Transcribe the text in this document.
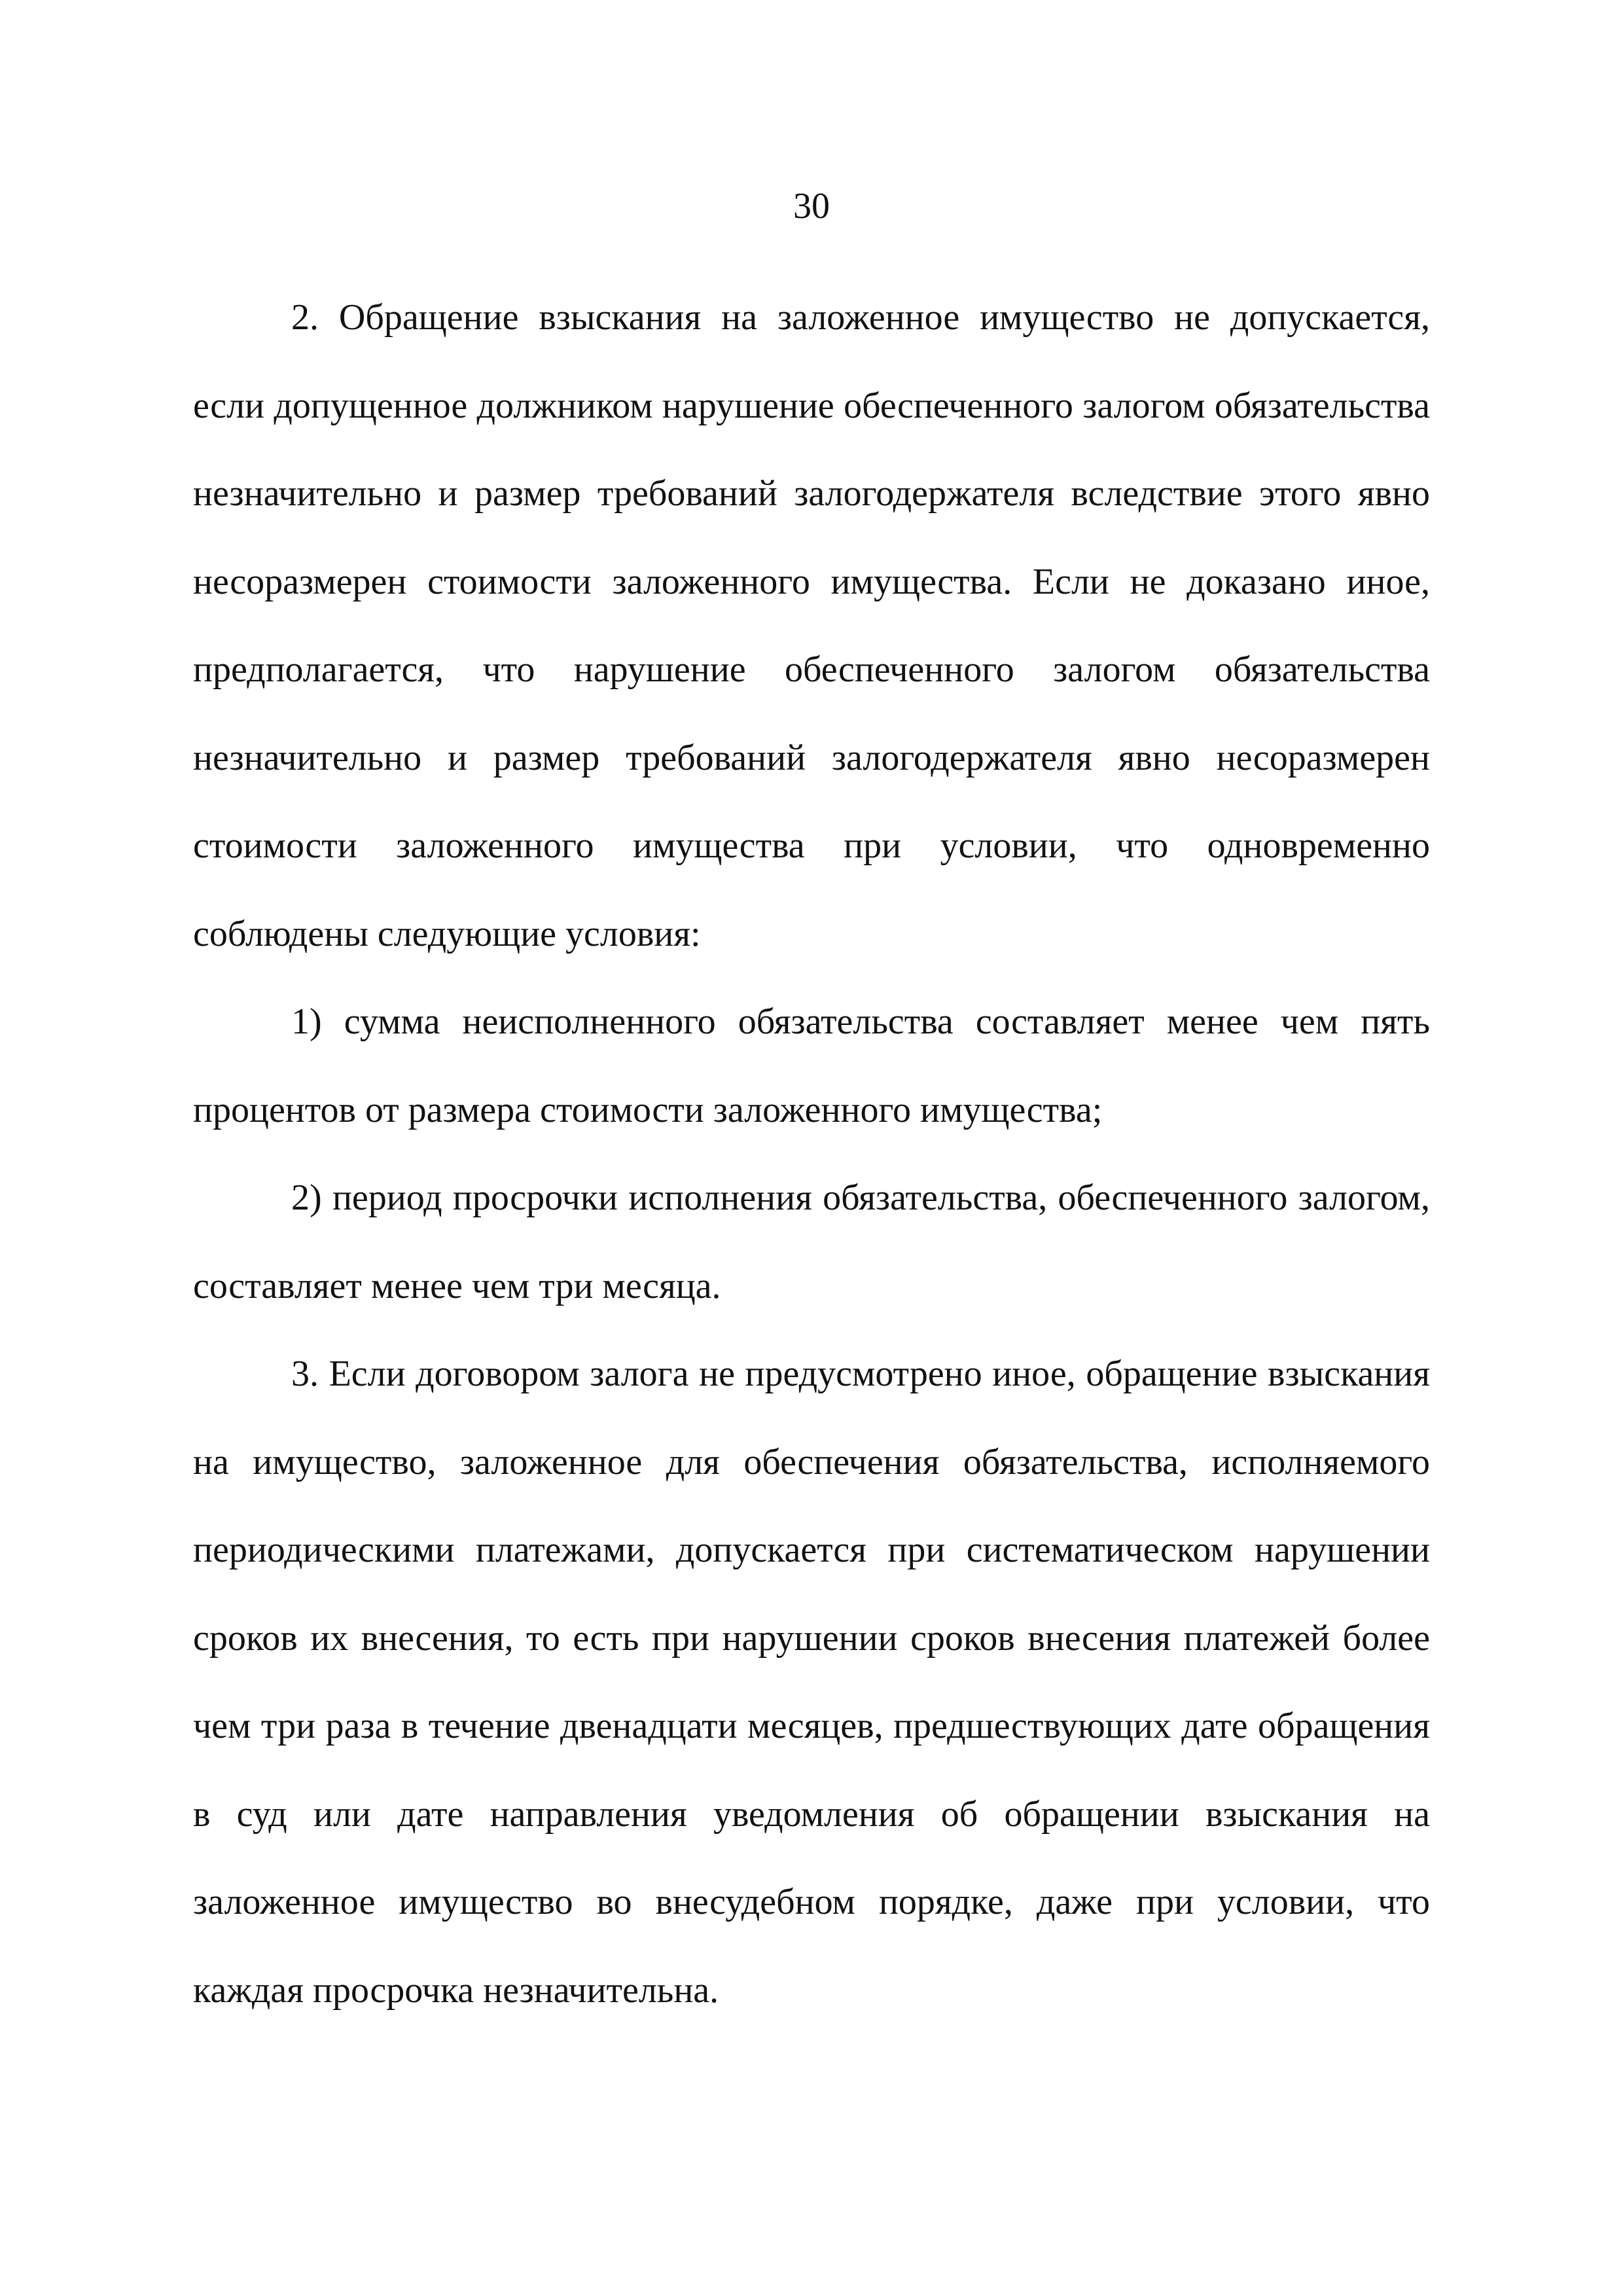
30

2. Обращение взыскания на заложенное имущество не допускается, если допущенное должником нарушение обеспеченного залогом обязательства незначительно и размер требований залогодержателя вследствие этого явно несоразмерен стоимости заложенного имущества. Если не доказано иное, предполагается, что нарушение обеспеченного залогом обязательства незначительно и размер требований залогодержателя явно несоразмерен стоимости заложенного имущества при условии, что одновременно соблюдены следующие условия:

1) сумма неисполненного обязательства составляет менее чем пять процентов от размера стоимости заложенного имущества;

2) период просрочки исполнения обязательства, обеспеченного залогом, составляет менее чем три месяца.

3. Если договором залога не предусмотрено иное, обращение взыскания на имущество, заложенное для обеспечения обязательства, исполняемого периодическими платежами, допускается при систематическом нарушении сроков их внесения, то есть при нарушении сроков внесения платежей более чем три раза в течение двенадцати месяцев, предшествующих дате обращения в суд или дате направления уведомления об обращении взыскания на заложенное имущество во внесудебном порядке, даже при условии, что каждая просрочка незначительна.
